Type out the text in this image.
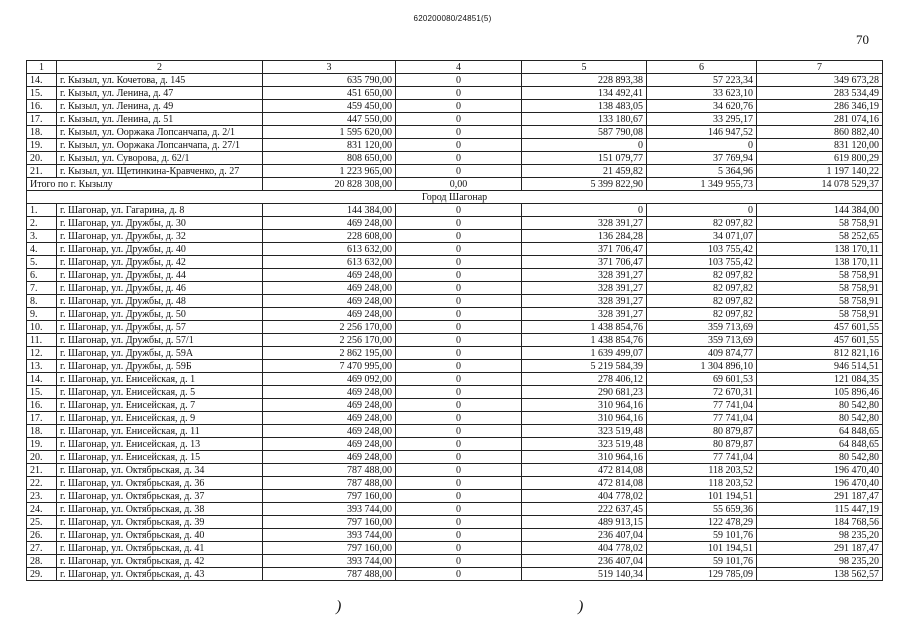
620200080/24851(5)
70
1	2	3	4	5	6	7
14.	г. Кызыл, ул. Кочетова, д. 145	635 790,00	0	228 893,38	57 223,34	349 673,28
15.	г. Кызыл, ул. Ленина, д. 47	451 650,00	0	134 492,41	33 623,10	283 534,49
16.	г. Кызыл, ул. Ленина, д. 49	459 450,00	0	138 483,05	34 620,76	286 346,19
17.	г. Кызыл, ул. Ленина, д. 51	447 550,00	0	133 180,67	33 295,17	281 074,16
18.	г. Кызыл, ул. Ооржака Лопсанчапа, д. 2/1	1 595 620,00	0	587 790,08	146 947,52	860 882,40
19.	г. Кызыл, ул. Ооржака Лопсанчапа, д. 27/1	831 120,00	0	0	0	831 120,00
20.	г. Кызыл, ул. Суворова, д. 62/1	808 650,00	0	151 079,77	37 769,94	619 800,29
21.	г. Кызыл, ул. Щетинкина-Кравченко, д. 27	1 223 965,00	0	21 459,82	5 364,96	1 197 140,22
Итого по г. Кызылу		20 828 308,00	0,00	5 399 822,90	1 349 955,73	14 078 529,37
Город Шагонар						
1.	г. Шагонар, ул. Гагарина, д. 8	144 384,00	0	0	0	144 384,00
2.	г. Шагонар, ул. Дружбы, д. 30	469 248,00	0	328 391,27	82 097,82	58 758,91
3.	г. Шагонар, ул. Дружбы, д. 32	228 608,00	0	136 284,28	34 071,07	58 252,65
4.	г. Шагонар, ул. Дружбы, д. 40	613 632,00	0	371 706,47	103 755,42	138 170,11
5.	г. Шагонар, ул. Дружбы, д. 42	613 632,00	0	371 706,47	103 755,42	138 170,11
6.	г. Шагонар, ул. Дружбы, д. 44	469 248,00	0	328 391,27	82 097,82	58 758,91
7.	г. Шагонар, ул. Дружбы, д. 46	469 248,00	0	328 391,27	82 097,82	58 758,91
8.	г. Шагонар, ул. Дружбы, д. 48	469 248,00	0	328 391,27	82 097,82	58 758,91
9.	г. Шагонар, ул. Дружбы, д. 50	469 248,00	0	328 391,27	82 097,82	58 758,91
10.	г. Шагонар, ул. Дружбы, д. 57	2 256 170,00	0	1 438 854,76	359 713,69	457 601,55
11.	г. Шагонар, ул. Дружбы, д. 57/1	2 256 170,00	0	1 438 854,76	359 713,69	457 601,55
12.	г. Шагонар, ул. Дружбы, д. 59А	2 862 195,00	0	1 639 499,07	409 874,77	812 821,16
13.	г. Шагонар, ул. Дружбы, д. 59Б	7 470 995,00	0	5 219 584,39	1 304 896,10	946 514,51
14.	г. Шагонар, ул. Енисейская, д. 1	469 092,00	0	278 406,12	69 601,53	121 084,35
15.	г. Шагонар, ул. Енисейская, д. 5	469 248,00	0	290 681,23	72 670,31	105 896,46
16.	г. Шагонар, ул. Енисейская, д. 7	469 248,00	0	310 964,16	77 741,04	80 542,80
17.	г. Шагонар, ул. Енисейская, д. 9	469 248,00	0	310 964,16	77 741,04	80 542,80
18.	г. Шагонар, ул. Енисейская, д. 11	469 248,00	0	323 519,48	80 879,87	64 848,65
19.	г. Шагонар, ул. Енисейская, д. 13	469 248,00	0	323 519,48	80 879,87	64 848,65
20.	г. Шагонар, ул. Енисейская, д. 15	469 248,00	0	310 964,16	77 741,04	80 542,80
21.	г. Шагонар, ул. Октябрьская, д. 34	787 488,00	0	472 814,08	118 203,52	196 470,40
22.	г. Шагонар, ул. Октябрьская, д. 36	787 488,00	0	472 814,08	118 203,52	196 470,40
23.	г. Шагонар, ул. Октябрьская, д. 37	797 160,00	0	404 778,02	101 194,51	291 187,47
24.	г. Шагонар, ул. Октябрьская, д. 38	393 744,00	0	222 637,45	55 659,36	115 447,19
25.	г. Шагонар, ул. Октябрьская, д. 39	797 160,00	0	489 913,15	122 478,29	184 768,56
26.	г. Шагонар, ул. Октябрьская, д. 40	393 744,00	0	236 407,04	59 101,76	98 235,20
27.	г. Шагонар, ул. Октябрьская, д. 41	797 160,00	0	404 778,02	101 194,51	291 187,47
28.	г. Шагонар, ул. Октябрьская, д. 42	393 744,00	0	236 407,04	59 101,76	98 235,20
29.	г. Шагонар, ул. Октябрьская, д. 43	787 488,00	0	519 140,34	129 785,09	138 562,57
)	)
